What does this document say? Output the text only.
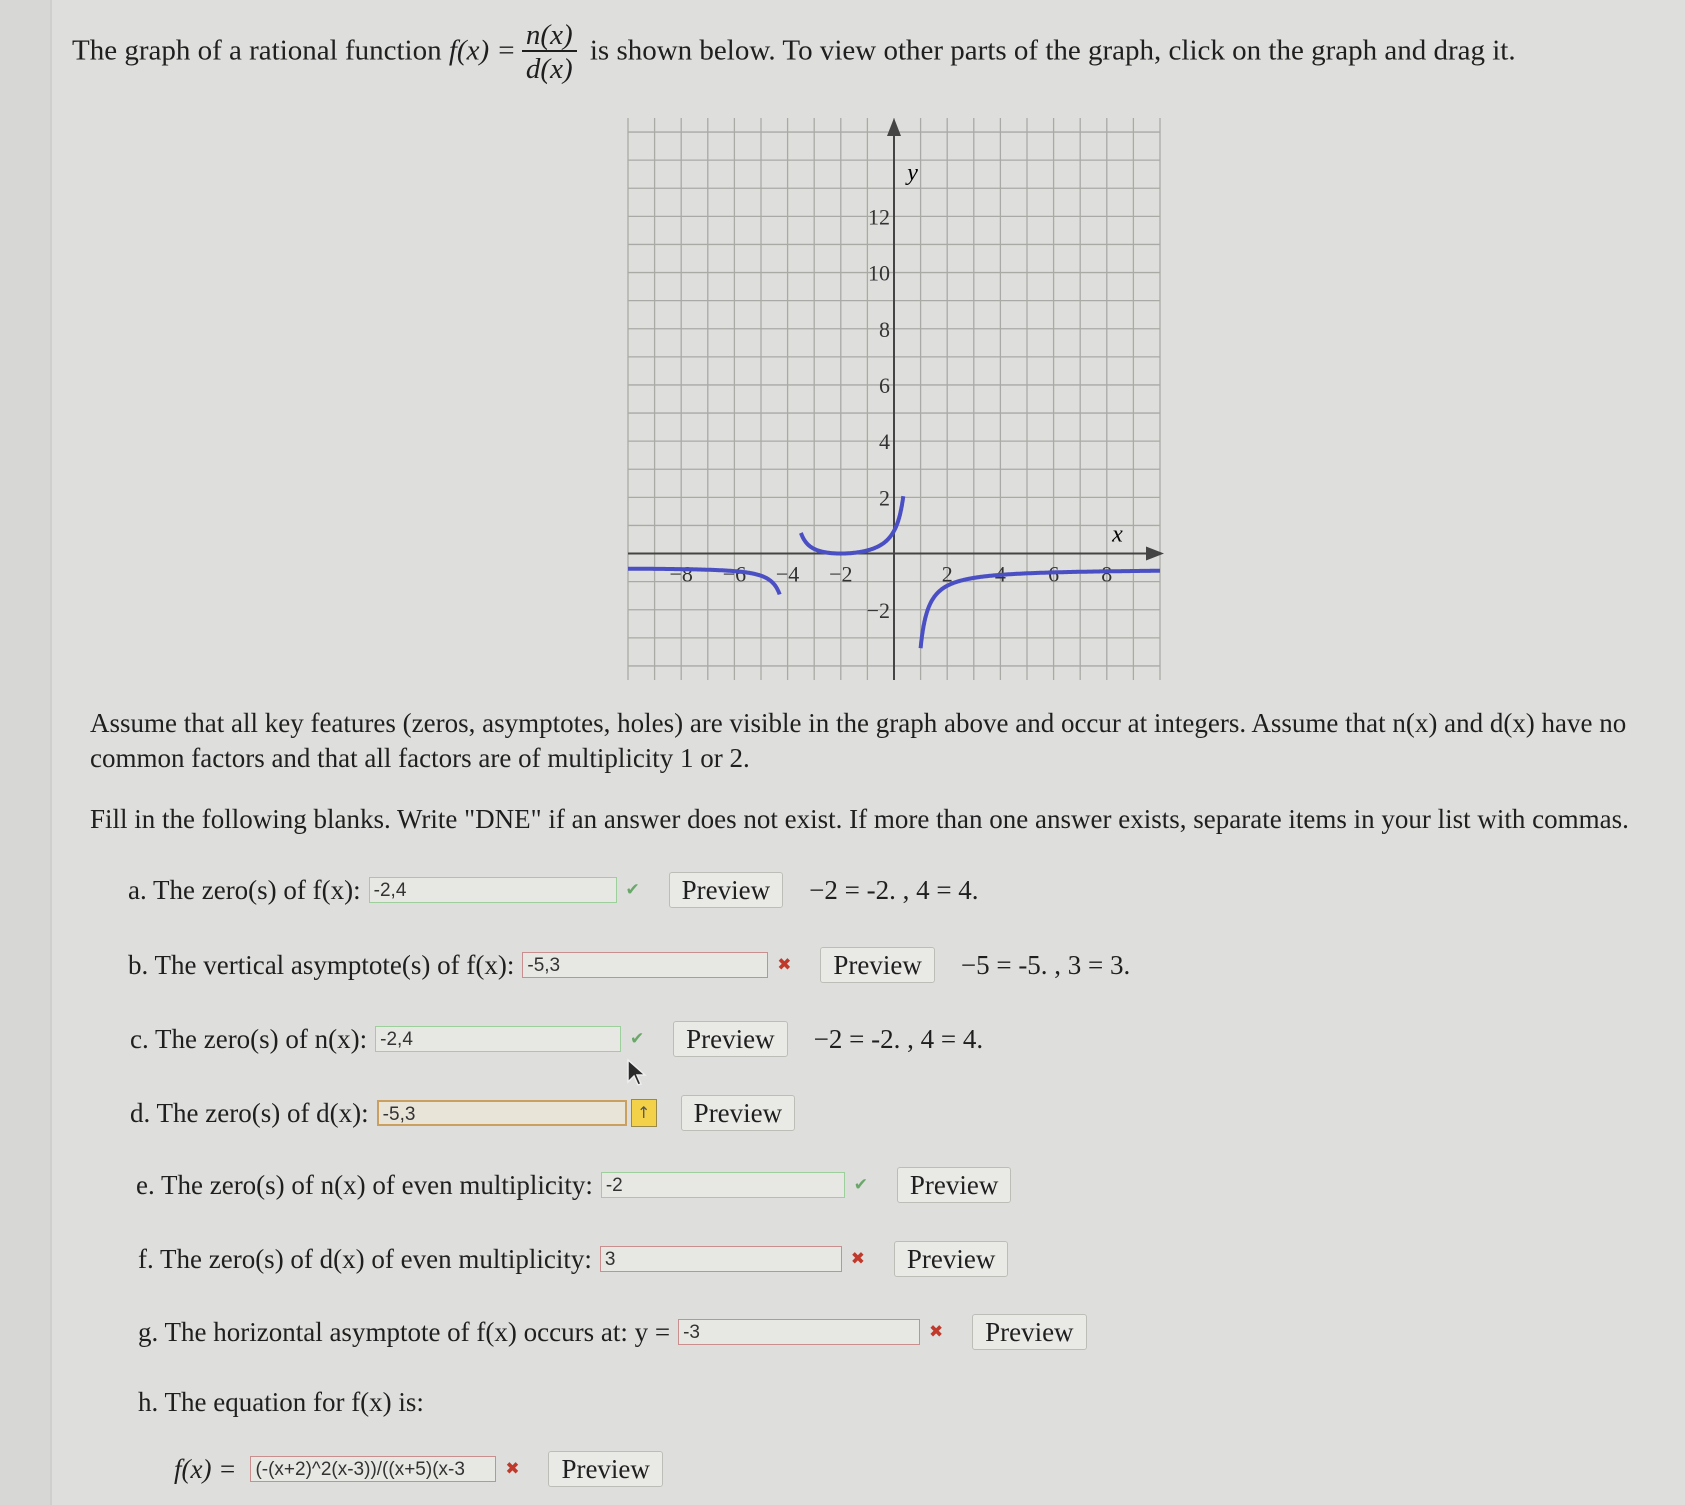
The graph of a rational function $f(x) = \frac{n(x)}{d(x)}$ is shown below. To view other parts of the graph, click on the graph and drag it.
−8 −6 −4 −2	2 4 6 8
12
10
8
6
4
2
−2
x
y
Assume that all key features (zeros, asymptotes, holes) are visible in the graph above and occur at integers. Assume that n(x) and d(x) have no common factors and that all factors are of multiplicity 1 or 2.
Fill in the following blanks. Write "DNE" if an answer does not exist. If more than one answer exists, separate items in your list with commas.
a. The zero(s) of f(x): -2,4	✔	Preview	−2 = -2. , 4 = 4.
b. The vertical asymptote(s) of f(x): -5,3	✖	Preview	−5 = -5. , 3 = 3.
c. The zero(s) of n(x): -2,4	✔	Preview	−2 = -2. , 4 = 4.
d. The zero(s) of d(x): -5,3	↑	Preview
e. The zero(s) of n(x) of even multiplicity: -2	✔	Preview
f. The zero(s) of d(x) of even multiplicity: 3	✖	Preview
g. The horizontal asymptote of f(x) occurs at: y = -3	✖	Preview
h. The equation for f(x) is:
f(x) = (-(x+2)^2(x-3))/((x+5)(x-3	✖	Preview
